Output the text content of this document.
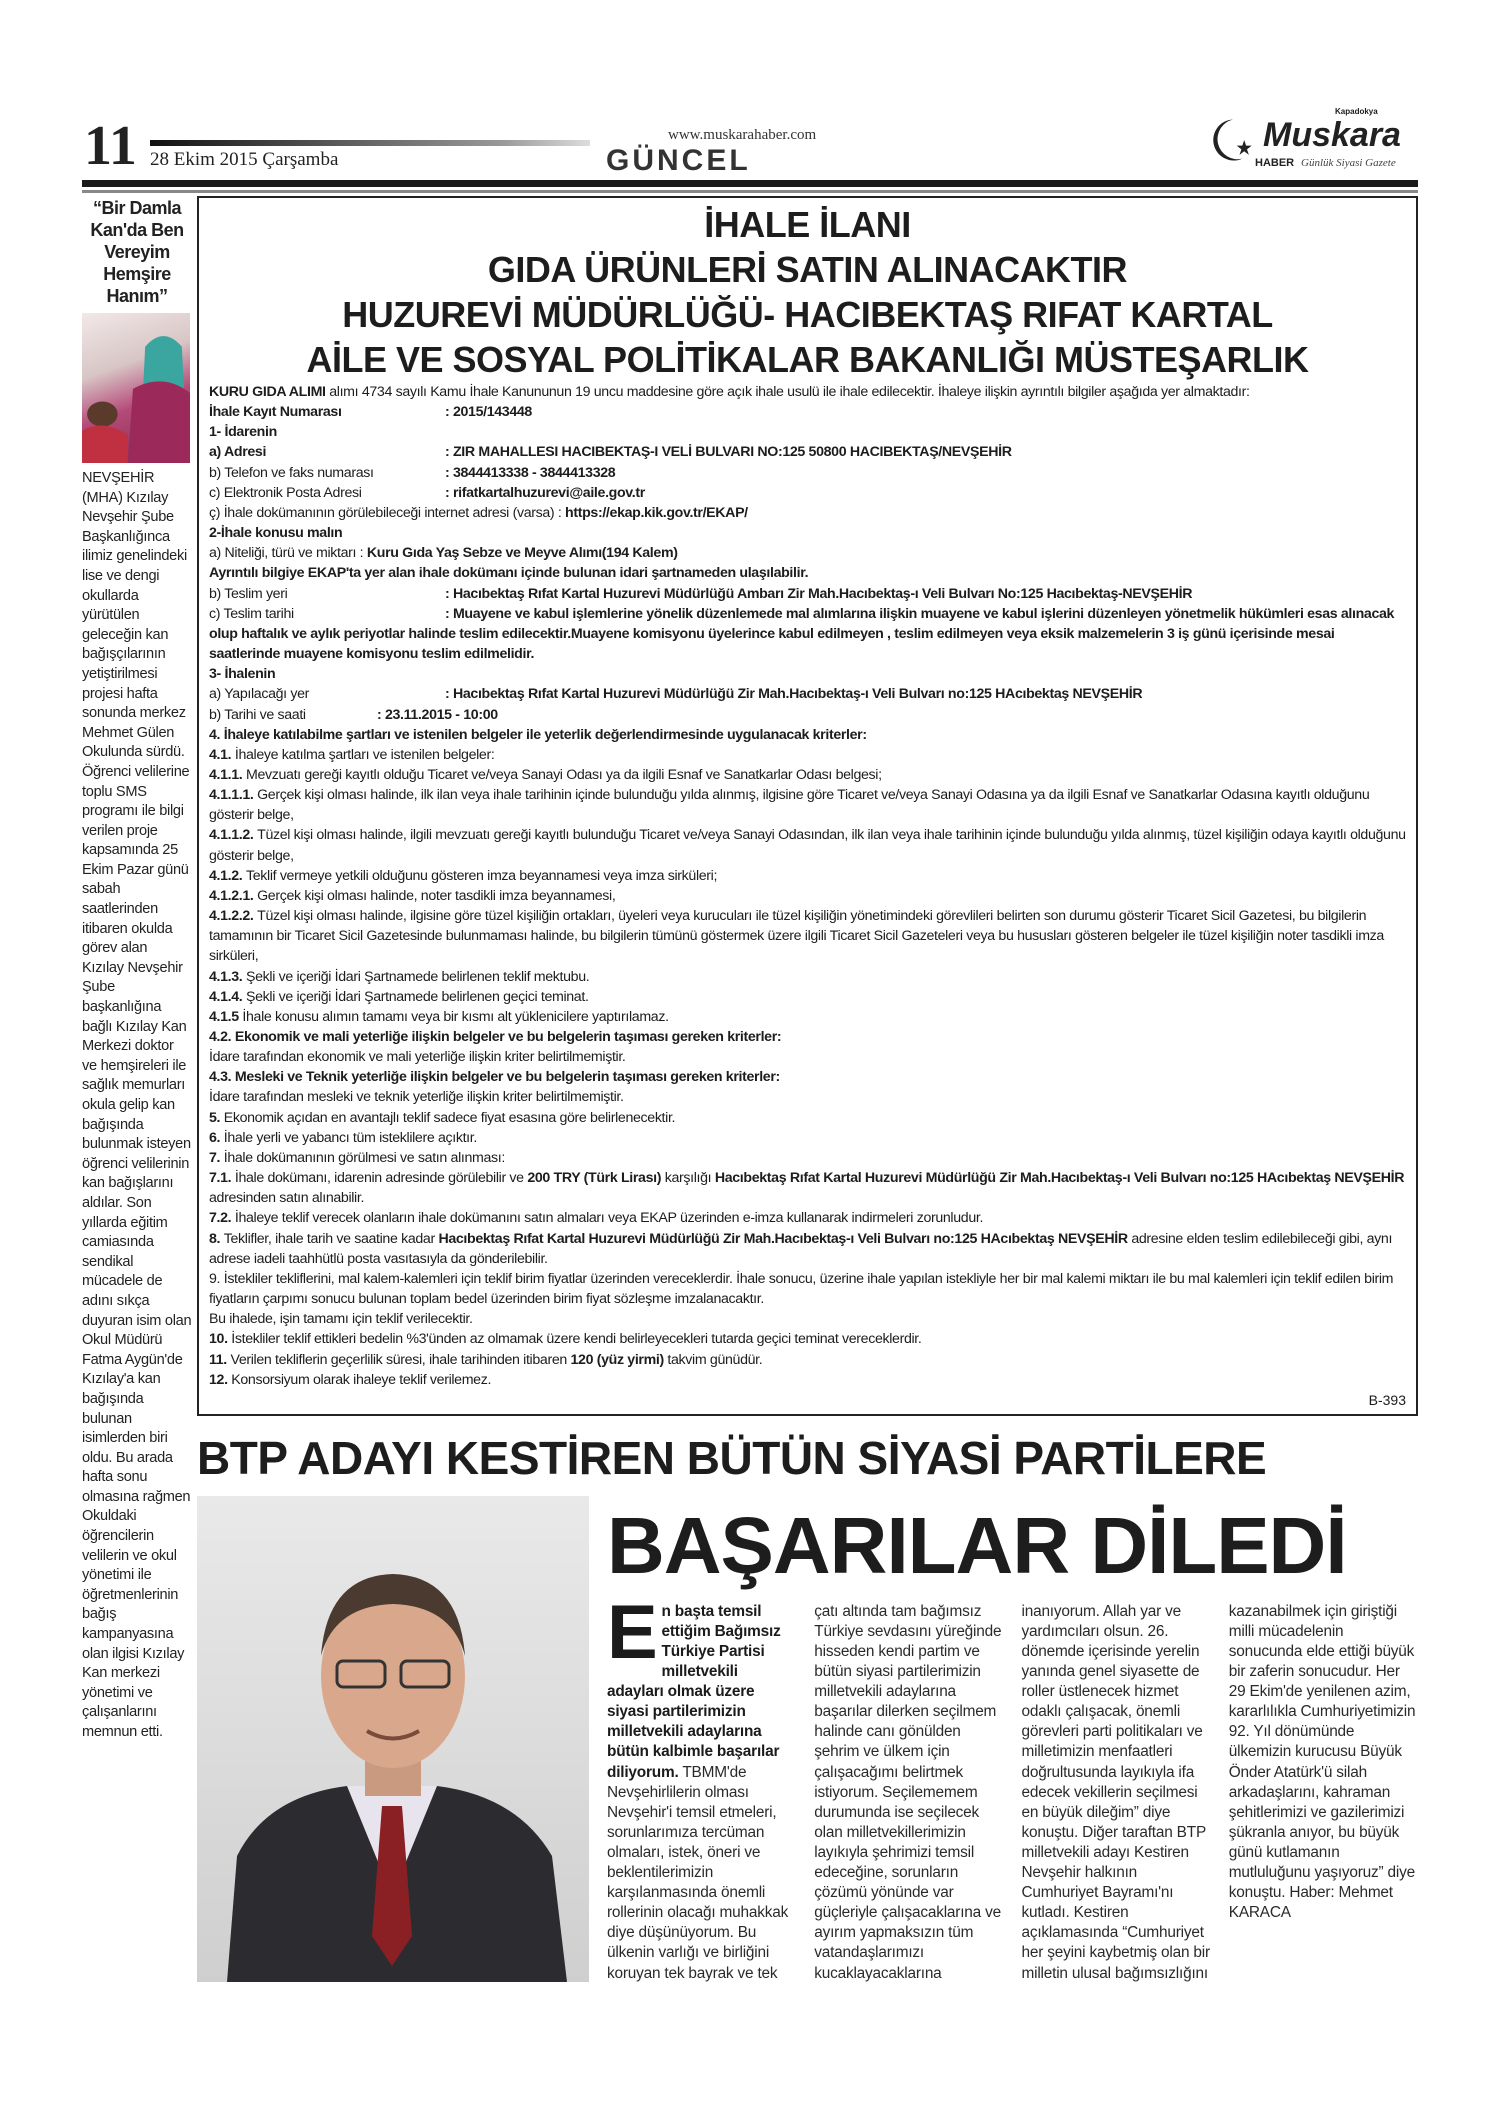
11 28 Ekim 2015 Çarşamba
www.muskarahaber.com
GÜNCEL
Kapadokya
Muskara
HABER Günlük Siyasi Gazete
“Bir Damla Kan'da Ben Vereyim Hemşire Hanım”
NEVŞEHİR (MHA) Kızılay Nevşehir Şube Başkanlığınca ilimiz genelindeki lise ve dengi okullarda yürütülen geleceğin kan bağışçılarının yetiştirilmesi projesi hafta sonunda merkez Mehmet Gülen Okulunda sürdü. Öğrenci velilerine toplu SMS programı ile bilgi verilen proje kapsamında 25 Ekim Pazar günü sabah saatlerinden itibaren okulda görev alan Kızılay Nevşehir Şube başkanlığına bağlı Kızılay Kan Merkezi doktor ve hemşireleri ile sağlık memurları okula gelip kan bağışında bulunmak isteyen öğrenci velilerinin kan bağışlarını aldılar. Son yıllarda eğitim camiasında sendikal mücadele de adını sıkça duyuran isim olan Okul Müdürü Fatma Aygün'de Kızılay'a kan bağışında bulunan isimlerden biri oldu. Bu arada hafta sonu olmasına rağmen Okuldaki öğrencilerin velilerin ve okul yönetimi ile öğretmenlerinin bağış kampanyasına olan ilgisi Kızılay Kan merkezi yönetimi ve çalışanlarını memnun etti.
İHALE İLANI
GIDA ÜRÜNLERİ SATIN ALINACAKTIR
HUZUREVİ MÜDÜRLÜĞÜ- HACIBEKTAŞ RIFAT KARTAL
AİLE VE SOSYAL POLİTİKALAR BAKANLIĞI MÜSTEŞARLIK
KURU GIDA ALIMI alımı 4734 sayılı Kamu İhale Kanununun 19 uncu maddesine göre açık ihale usulü ile ihale edilecektir. İhaleye ilişkin ayrıntılı bilgiler aşağıda yer almaktadır:
İhale Kayıt Numarası	: 2015/143448
1- İdarenin
a) Adresi	: ZIR MAHALLESI HACIBEKTAŞ-I VELİ BULVARI NO:125 50800 HACIBEKTAŞ/NEVŞEHİR
b) Telefon ve faks numarası	: 3844413338 - 3844413328
c) Elektronik Posta Adresi	: rifatkartalhuzurevi@aile.gov.tr
ç) İhale dokümanının görülebileceği internet adresi (varsa) : https://ekap.kik.gov.tr/EKAP/
2-İhale konusu malın
a) Niteliği, türü ve miktarı : Kuru Gıda Yaş Sebze ve Meyve Alımı(194 Kalem)
Ayrıntılı bilgiye EKAP'ta yer alan ihale dokümanı içinde bulunan idari şartnameden ulaşılabilir.
b) Teslim yeri	: Hacıbektaş Rıfat Kartal Huzurevi Müdürlüğü Ambarı Zir Mah.Hacıbektaş-ı Veli Bulvarı No:125 Hacıbektaş-NEVŞEHİR
c) Teslim tarihi	: Muayene ve kabul işlemlerine yönelik düzenlemede mal alımlarına ilişkin muayene ve kabul işlerini düzenleyen yönetmelik hükümleri esas alınacak olup haftalık ve aylık periyotlar halinde teslim edilecektir.Muayene komisyonu üyelerince kabul edilmeyen , teslim edilmeyen veya eksik malzemelerin 3 iş günü içerisinde mesai saatlerinde muayene komisyonu teslim edilmelidir.
3- İhalenin
a) Yapılacağı yer	: Hacıbektaş Rıfat Kartal Huzurevi Müdürlüğü Zir Mah.Hacıbektaş-ı Veli Bulvarı no:125 HAcıbektaş NEVŞEHİR
b) Tarihi ve saati	: 23.11.2015 - 10:00
4. İhaleye katılabilme şartları ve istenilen belgeler ile yeterlik değerlendirmesinde uygulanacak kriterler:
4.1. İhaleye katılma şartları ve istenilen belgeler:
4.1.1. Mevzuatı gereği kayıtlı olduğu Ticaret ve/veya Sanayi Odası ya da ilgili Esnaf ve Sanatkarlar Odası belgesi;
4.1.1.1. Gerçek kişi olması halinde, ilk ilan veya ihale tarihinin içinde bulunduğu yılda alınmış, ilgisine göre Ticaret ve/veya Sanayi Odasına ya da ilgili Esnaf ve Sanatkarlar Odasına kayıtlı olduğunu gösterir belge,
4.1.1.2. Tüzel kişi olması halinde, ilgili mevzuatı gereği kayıtlı bulunduğu Ticaret ve/veya Sanayi Odasından, ilk ilan veya ihale tarihinin içinde bulunduğu yılda alınmış, tüzel kişiliğin odaya kayıtlı olduğunu gösterir belge,
4.1.2. Teklif vermeye yetkili olduğunu gösteren imza beyannamesi veya imza sirküleri;
4.1.2.1. Gerçek kişi olması halinde, noter tasdikli imza beyannamesi,
4.1.2.2. Tüzel kişi olması halinde, ilgisine göre tüzel kişiliğin ortakları, üyeleri veya kurucuları ile tüzel kişiliğin yönetimindeki görevlileri belirten son durumu gösterir Ticaret Sicil Gazetesi, bu bilgilerin tamamının bir Ticaret Sicil Gazetesinde bulunmaması halinde, bu bilgilerin tümünü göstermek üzere ilgili Ticaret Sicil Gazeteleri veya bu hususları gösteren belgeler ile tüzel kişiliğin noter tasdikli imza sirküleri,
4.1.3. Şekli ve içeriği İdari Şartnamede belirlenen teklif mektubu.
4.1.4. Şekli ve içeriği İdari Şartnamede belirlenen geçici teminat.
4.1.5 İhale konusu alımın tamamı veya bir kısmı alt yüklenicilere yaptırılamaz.
4.2. Ekonomik ve mali yeterliğe ilişkin belgeler ve bu belgelerin taşıması gereken kriterler:
İdare tarafından ekonomik ve mali yeterliğe ilişkin kriter belirtilmemiştir.
4.3. Mesleki ve Teknik yeterliğe ilişkin belgeler ve bu belgelerin taşıması gereken kriterler:
İdare tarafından mesleki ve teknik yeterliğe ilişkin kriter belirtilmemiştir.
5. Ekonomik açıdan en avantajlı teklif sadece fiyat esasına göre belirlenecektir.
6. İhale yerli ve yabancı tüm isteklilere açıktır.
7. İhale dokümanının görülmesi ve satın alınması:
7.1. İhale dokümanı, idarenin adresinde görülebilir ve 200 TRY (Türk Lirası) karşılığı Hacıbektaş Rıfat Kartal Huzurevi Müdürlüğü Zir Mah.Hacıbektaş-ı Veli Bulvarı no:125 HAcıbektaş NEVŞEHİR adresinden satın alınabilir.
7.2. İhaleye teklif verecek olanların ihale dokümanını satın almaları veya EKAP üzerinden e-imza kullanarak indirmeleri zorunludur.
8. Teklifler, ihale tarih ve saatine kadar Hacıbektaş Rıfat Kartal Huzurevi Müdürlüğü Zir Mah.Hacıbektaş-ı Veli Bulvarı no:125 HAcıbektaş NEVŞEHİR adresine elden teslim edilebileceği gibi, aynı adrese iadeli taahhütlü posta vasıtasıyla da gönderilebilir.
9. İstekliler tekliflerini, mal kalem-kalemleri için teklif birim fiyatlar üzerinden vereceklerdir. İhale sonucu, üzerine ihale yapılan istekliyle her bir mal kalemi miktarı ile bu mal kalemleri için teklif edilen birim fiyatların çarpımı sonucu bulunan toplam bedel üzerinden birim fiyat sözleşme imzalanacaktır.
Bu ihalede, işin tamamı için teklif verilecektir.
10. İstekliler teklif ettikleri bedelin %3'ünden az olmamak üzere kendi belirleyecekleri tutarda geçici teminat vereceklerdir.
11. Verilen tekliflerin geçerlilik süresi, ihale tarihinden itibaren 120 (yüz yirmi) takvim günüdür.
12. Konsorsiyum olarak ihaleye teklif verilemez.
B-393
BTP ADAYI KESTİREN BÜTÜN SİYASİ PARTİLERE
BAŞARILAR DİLEDİ
En başta temsil ettiğim Bağımsız Türkiye Partisi milletvekili adayları olmak üzere siyasi partilerimizin milletvekili adaylarına bütün kalbimle başarılar diliyorum. TBMM'de Nevşehirlilerin olması Nevşehir'i temsil etmeleri, sorunlarımıza tercüman olmaları, istek, öneri ve beklentilerimizin karşılanmasında önemli rollerinin olacağı muhakkak diye düşünüyorum. Bu ülkenin varlığı ve birliğini koruyan tek bayrak ve tek çatı altında tam bağımsız Türkiye sevdasını yüreğinde hisseden kendi partim ve bütün siyasi partilerimizin milletvekili adaylarına başarılar dilerken seçilmem halinde canı gönülden şehrim ve ülkem için çalışacağımı belirtmek istiyorum. Seçilememem durumunda ise seçilecek olan milletvekillerimizin layıkıyla şehrimizi temsil edeceğine, sorunların çözümü yönünde var güçleriyle çalışacaklarına ve ayırım yapmaksızın tüm vatandaşlarımızı kucaklayacaklarına inanıyorum. Allah yar ve yardımcıları olsun. 26. dönemde içerisinde yerelin yanında genel siyasette de roller üstlenecek hizmet odaklı çalışacak, önemli görevleri parti politikaları ve milletimizin menfaatleri doğrultusunda layıkıyla ifa edecek vekillerin seçilmesi en büyük dileğim” diye konuştu. Diğer taraftan BTP milletvekili adayı Kestiren Nevşehir halkının Cumhuriyet Bayramı'nı kutladı. Kestiren açıklamasında “Cumhuriyet her şeyini kaybetmiş olan bir milletin ulusal bağımsızlığını kazanabilmek için giriştiği milli mücadelenin sonucunda elde ettiği büyük bir zaferin sonucudur. Her 29 Ekim'de yenilenen azim, kararlılıkla Cumhuriyetimizin 92. Yıl dönümünde ülkemizin kurucusu Büyük Önder Atatürk'ü silah arkadaşlarını, kahraman şehitlerimizi ve gazilerimizi şükranla anıyor, bu büyük günü kutlamanın mutluluğunu yaşıyoruz” diye konuştu. Haber: Mehmet KARACA
